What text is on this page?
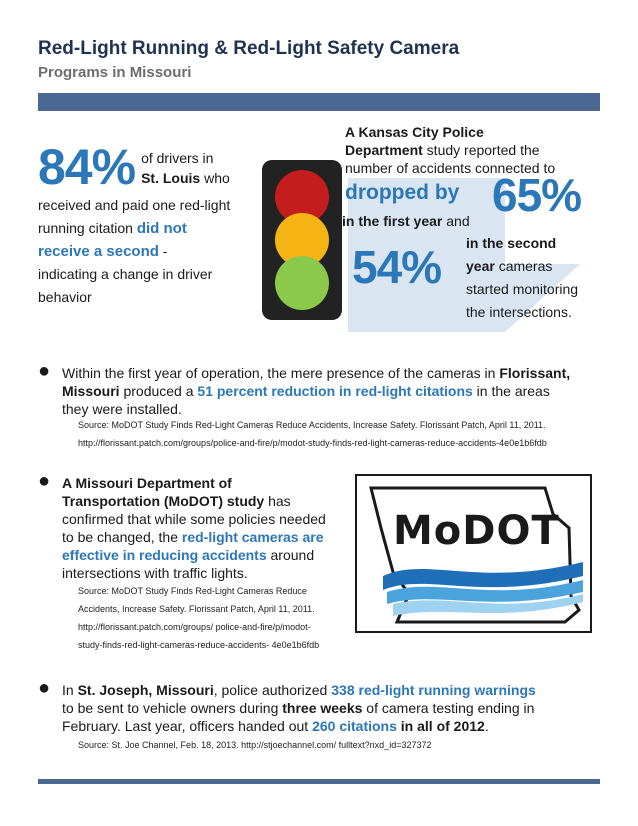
Red-Light Running & Red-Light Safety Camera
Programs in Missouri
84% of drivers in
St. Louis who
received and paid one red-light
running citation did not
receive a second -
indicating a change in driver
behavior
A Kansas City Police
Department study reported the
number of accidents connected to
dropped by 65%
in the first year and
54% in the second
year cameras
started monitoring
the intersections.
● Within the first year of operation, the mere presence of the cameras in Florissant,
Missouri produced a 51 percent reduction in red-light citations in the areas
they were installed.
Source: MoDOT Study Finds Red-Light Cameras Reduce Accidents, Increase Safety. Florissant Patch, April 11, 2011.
http://florissant.patch.com/groups/police-and-fire/p/modot-study-finds-red-light-cameras-reduce-accidents-4e0e1b6fdb
● A Missouri Department of
Transportation (MoDOT) study has
confirmed that while some policies needed
to be changed, the red-light cameras are
effective in reducing accidents around
intersections with traffic lights.
Source: MoDOT Study Finds Red-Light Cameras Reduce
Accidents, Increase Safety. Florissant Patch, April 11, 2011.
http://florissant.patch.com/groups/ police-and-fire/p/modot-
study-finds-red-light-cameras-reduce-accidents- 4e0e1b6fdb
MoDOT
● In St. Joseph, Missouri, police authorized 338 red-light running warnings
to be sent to vehicle owners during three weeks of camera testing ending in
February. Last year, officers handed out 260 citations in all of 2012.
Source: St. Joe Channel, Feb. 18, 2013. http://stjoechannel.com/ fulltext?nxd_id=327372
